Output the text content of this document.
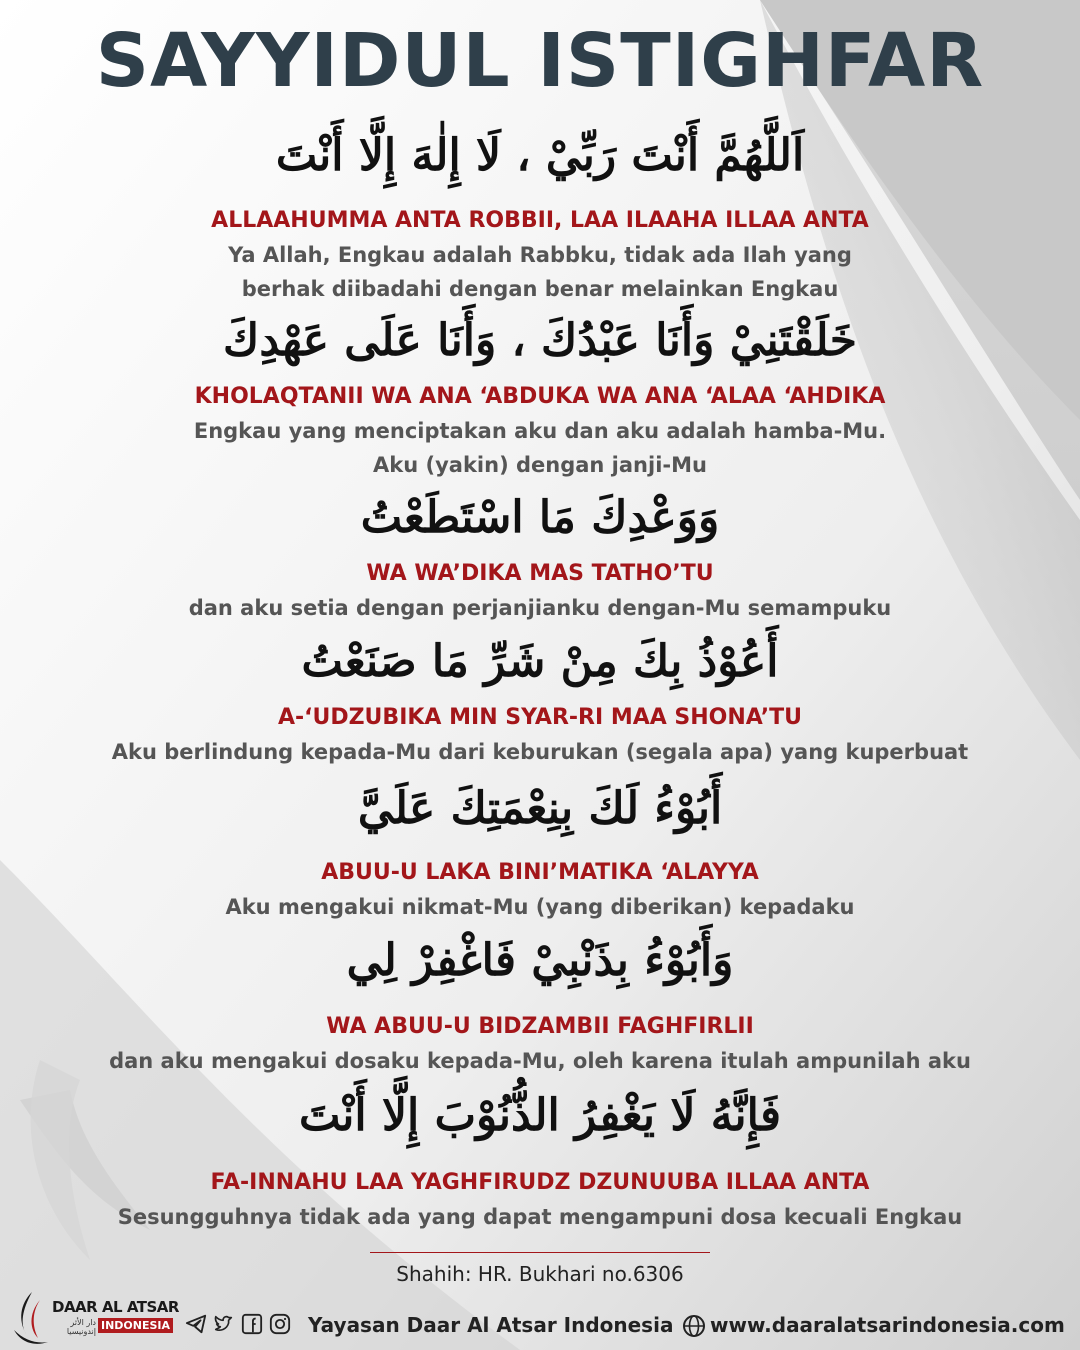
SAYYIDUL ISTIGHFAR
اَللَّهُمَّ أَنْتَ رَبِّيْ ، لَا إِلٰهَ إِلَّا أَنْتَ
ALLAAHUMMA ANTA ROBBII, LAA ILAAHA ILLAA ANTA
Ya Allah, Engkau adalah Rabbku, tidak ada Ilah yang
berhak diibadahi dengan benar melainkan Engkau
خَلَقْتَنِيْ وَأَنَا عَبْدُكَ ، وَأَنَا عَلَى عَهْدِكَ
KHOLAQTANII WA ANA ‘ABDUKA WA ANA ‘ALAA ‘AHDIKA
Engkau yang menciptakan aku dan aku adalah hamba-Mu.
Aku (yakin) dengan janji-Mu
وَوَعْدِكَ مَا اسْتَطَعْتُ
WA WA’DIKA MAS TATHO’TU
dan aku setia dengan perjanjianku dengan-Mu semampuku
أَعُوْذُ بِكَ مِنْ شَرِّ مَا صَنَعْتُ
A-‘UDZUBIKA MIN SYAR-RI MAA SHONA’TU
Aku berlindung kepada-Mu dari keburukan (segala apa) yang kuperbuat
أَبُوْءُ لَكَ بِنِعْمَتِكَ عَلَيَّ
ABUU-U LAKA BINI’MATIKA ‘ALAYYA
Aku mengakui nikmat-Mu (yang diberikan) kepadaku
وَأَبُوْءُ بِذَنْبِيْ فَاغْفِرْ لِي
WA ABUU-U BIDZAMBII FAGHFIRLII
dan aku mengakui dosaku kepada-Mu, oleh karena itulah ampunilah aku
فَإِنَّهُ لَا يَغْفِرُ الذُّنُوْبَ إِلَّا أَنْتَ
FA-INNAHU LAA YAGHFIRUDZ DZUNUUBA ILLAA ANTA
Sesungguhnya tidak ada yang dapat mengampuni dosa kecuali Engkau
Shahih: HR. Bukhari no.6306
DAAR AL ATSAR
دار الأثر إندونيسيا INDONESIA	Yayasan Daar Al Atsar Indonesia www.daaralatsarindonesia.com
